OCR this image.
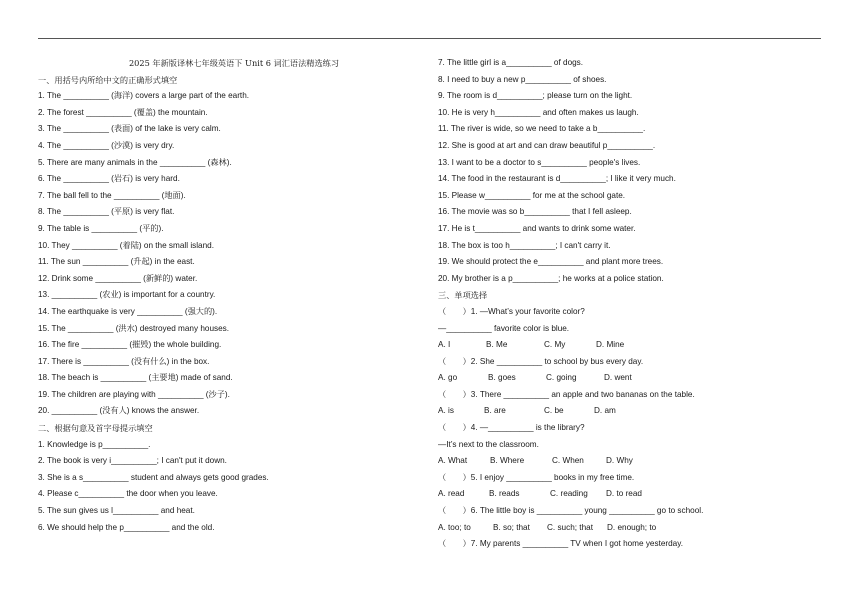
2025 年新版译林七年级英语下 Unit 6 词汇语法精选练习
一、用括号内所给中文的正确形式填空
1. The __________ (海洋) covers a large part of the earth.
2. The forest __________ (覆盖) the mountain.
3. The __________ (表面) of the lake is very calm.
4. The __________ (沙漠) is very dry.
5. There are many animals in the __________ (森林).
6. The __________ (岩石) is very hard.
7. The ball fell to the __________ (地面).
8. The __________ (平原) is very flat.
9. The table is __________ (平的).
10. They __________ (着陆) on the small island.
11. The sun __________ (升起) in the east.
12. Drink some __________ (新鲜的) water.
13. __________ (农业) is important for a country.
14. The earthquake is very __________ (强大的).
15. The __________ (洪水) destroyed many houses.
16. The fire __________ (摧毁) the whole building.
17. There is __________ (没有什么) in the box.
18. The beach is __________ (主要地) made of sand.
19. The children are playing with __________ (沙子).
20. __________ (没有人) knows the answer.
二、根据句意及首字母提示填空
1. Knowledge is p__________.
2. The book is very i__________; I can't put it down.
3. She is a s__________ student and always gets good grades.
4. Please c__________ the door when you leave.
5. The sun gives us l__________ and heat.
6. We should help the p__________ and the old.
7. The little girl is a__________ of dogs.
8. I need to buy a new p__________ of shoes.
9. The room is d__________; please turn on the light.
10. He is very h__________ and often makes us laugh.
11. The river is wide, so we need to take a b__________.
12. She is good at art and can draw beautiful p__________.
13. I want to be a doctor to s__________ people's lives.
14. The food in the restaurant is d__________; I like it very much.
15. Please w__________ for me at the school gate.
16. The movie was so b__________ that I fell asleep.
17. He is t__________ and wants to drink some water.
18. The box is too h__________; I can't carry it.
19. We should protect the e__________ and plant more trees.
20. My brother is a p__________; he works at a police station.
三、单项选择
（　　）1. —What’s your favorite color?
—__________ favorite color is blue.
A. I	B. Me	C. My	D. Mine
（　　）2. She __________ to school by bus every day.
A. go	B. goes	C. going	D. went
（　　）3. There __________ an apple and two bananas on the table.
A. is	B. are	C. be	D. am
（　　）4. —__________ is the library?
—It’s next to the classroom.
A. What	B. Where	C. When	D. Why
（　　）5. I enjoy __________ books in my free time.
A. read	B. reads	C. reading	D. to read
（　　）6. The little boy is __________ young __________ go to school.
A. too; to	B. so; that	C. such; that	D. enough; to
（　　）7. My parents __________ TV when I got home yesterday.
